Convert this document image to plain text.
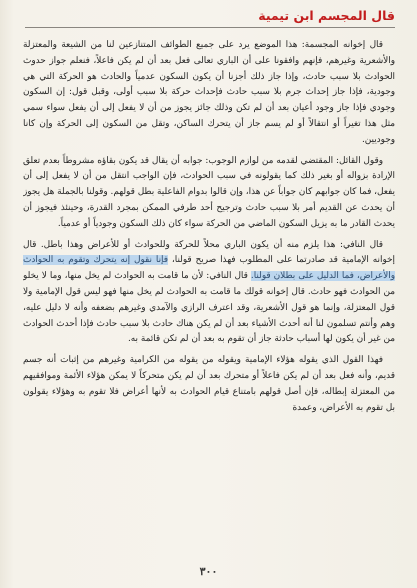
قال المجسم ابن تيمية

قال إخوانه المجسمة: هذا الموضع يرد على جميع الطوائف المتنازعين لنا من الشيعة والمعتزلة والأشعرية وغيرهم، فإنهم وافقونا على أن الباري تعالى فعل بعد أن لم يكن فاعلاً، فنعلم جواز حدوث الحوادث بلا سبب حادث، وإذا جاز ذلك أجزنا أن يكون السكون عدمياً والحادث هو الحركة التي هي وجودية، فإذا جاز إحداث جرم بلا سبب حادث فإحداث حركة بلا سبب أولى، وقبل قول: إن السكون وجودي فإذا جاز وجود أعيان بعد أن لم تكن وذلك جائز يجوز من أن لا يفعل إلى أن يفعل سواء سمي مثل هذا تغيراً أو انتقالاً أو لم يسم جاز أن يتحرك الساكن، وتقل من السكون إلى الحركة وإن كانا وجوديين.

وقول القائل: المقتضي لقدمه من لوازم الوجوب: جوابه أن يقال قد يكون بقاؤه مشروطاً بعدم تعلق الإرادة بزواله أو بغير ذلك كما يقولونه في سبب الحوادث، فإن الواجب انتقل من أن لا يفعل إلى أن يفعل، فما كان جوابهم كان جواباً عن هذا، وإن قالوا بدوام الفاعلية بطل قولهم. وقولنا بالجملة هل يجوز أن يحدث عن القديم أمر بلا سبب حادث وترجيح أحد طرفي الممكن بمجرد القدرة، وحينئذ فيجوز أن يحدث القادر ما به يزيل السكون الماضي من الحركة سواء كان ذلك السكون وجودياً أو عدمياً.

قال النافي: هذا يلزم منه أن يكون الباري محلاً للحركة وللحوادث أو للأعراض وهذا باطل. قال إخوانه الإمامية قد صادرتما على المطلوب فهذا صريح قولنا، فإنا نقول إنه يتحرك وتقوم به الحوادث والأعراض، فما الدليل على بطلان قولنا. قال النافي: لأن ما قامت به الحوادث لم يخل منها، وما لا يخلو من الحوادث فهو حادث. قال إخوانه قولك ما قامت به الحوادث لم يخل منها فهو ليس قول الإمامية ولا قول المعتزلة، وإنما هو قول الأشعرية، وقد اعترف الرازي والآمدي وغيرهم بضعفه وأنه لا دليل عليه، وهم وأنتم تسلمون لنا أنه أحدث الأشياء بعد أن لم يكن هناك حادث بلا سبب حادث فإذا أحدث الحوادث من غير أن يكون لها أسباب حادثة جاز أن تقوم به بعد أن لم تكن قائمة به.

فهذا القول الذي يقوله هؤلاء الإمامية ويقوله من يقوله من الكرامية وغيرهم من إثبات أنه جسم قديم، وأنه فعل بعد أن لم يكن فاعلاً أو متحرك بعد أن لم يكن متحركاً لا يمكن هؤلاء الأئمة وموافقيهم من المعتزلة إبطاله، فإن أصل قولهم بامتناع قيام الحوادث به لأنها أعراض فلا تقوم به وهؤلاء يقولون بل تقوم به الأعراض، وعمدة

٣٠٠
